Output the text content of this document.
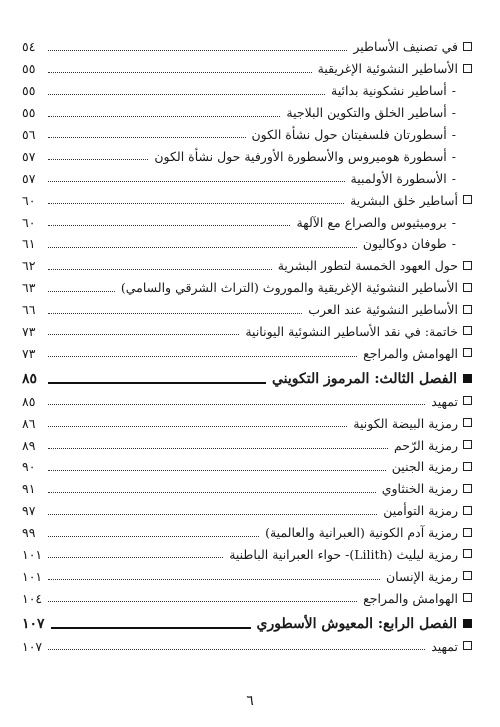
في تصنيف الأساطير
٥٤
الأساطير النشوئية الإغريقية
٥٥
-
أساطير نشكونية بدائية
٥٥
-
أساطير الخلق والتكوين البلاجية
٥٥
-
أسطورتان فلسفيتان حول نشأة الكون
٥٦
-
أسطورة هوميروس والأسطورة الأورفية حول نشأة الكون
٥٧
-
الأسطورة الأولمبية
٥٧
أساطير خلق البشرية
٦٠
-
بروميثيوس والصراع مع الآلهة
٦٠
-
طوفان دوكاليون
٦١
حول العهود الخمسة لتطور البشرية
٦٢
الأساطير النشوئية الإغريقية والموروث (التراث الشرقي والسامي)
٦٣
الأساطير النشوئية عند العرب
٦٦
خاتمة: في نقد الأساطير النشوئية اليونانية
٧٣
الهوامش والمراجع
٧٣
الفصل الثالث: المرموز التكويني
٨٥
تمهيد
٨٥
رمزية البيضة الكونية
٨٦
رمزية الرّحم
٨٩
رمزية الجنين
٩٠
رمزية الخنثاوي
٩١
رمزية التوأمين
٩٧
رمزية آدم الكونية (العبرانية والعالمية)
٩٩
رمزية ليليث (Lilith)- حواء العبرانية الباطنية
١٠١
رمزية الإنسان
١٠١
الهوامش والمراجع
١٠٤
الفصل الرابع: المعيوش الأسطوري
١٠٧
تمهيد
١٠٧
٦
